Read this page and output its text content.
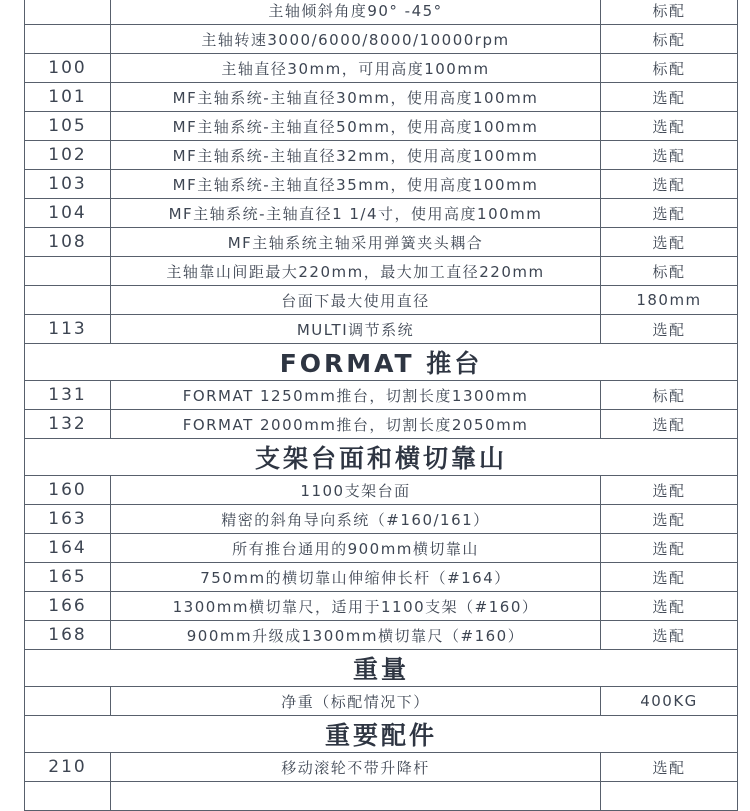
	主轴倾斜角度90° -45°	标配
	主轴转速3000/6000/8000/10000rpm	标配
100	主轴直径30mm，可用高度100mm	标配
101	MF主轴系统-主轴直径30mm，使用高度100mm	选配
105	MF主轴系统-主轴直径50mm，使用高度100mm	选配
102	MF主轴系统-主轴直径32mm，使用高度100mm	选配
103	MF主轴系统-主轴直径35mm，使用高度100mm	选配
104	MF主轴系统-主轴直径1 1/4寸，使用高度100mm	选配
108	MF主轴系统主轴采用弹簧夹头耦合	选配
	主轴靠山间距最大220mm，最大加工直径220mm	标配
	台面下最大使用直径	180mm
113	MULTI调节系统	选配
FORMAT 推台		
131	FORMAT 1250mm推台，切割长度1300mm	标配
132	FORMAT 2000mm推台，切割长度2050mm	选配
支架台面和横切靠山		
160	1100支架台面	选配
163	精密的斜角导向系统（#160/161）	选配
164	所有推台通用的900mm横切靠山	选配
165	750mm的横切靠山伸缩伸长杆（#164）	选配
166	1300mm横切靠尺，适用于1100支架（#160）	选配
168	900mm升级成1300mm横切靠尺（#160）	选配
重量		
	净重（标配情况下）	400KG
重要配件		
210	移动滚轮不带升降杆	选配
